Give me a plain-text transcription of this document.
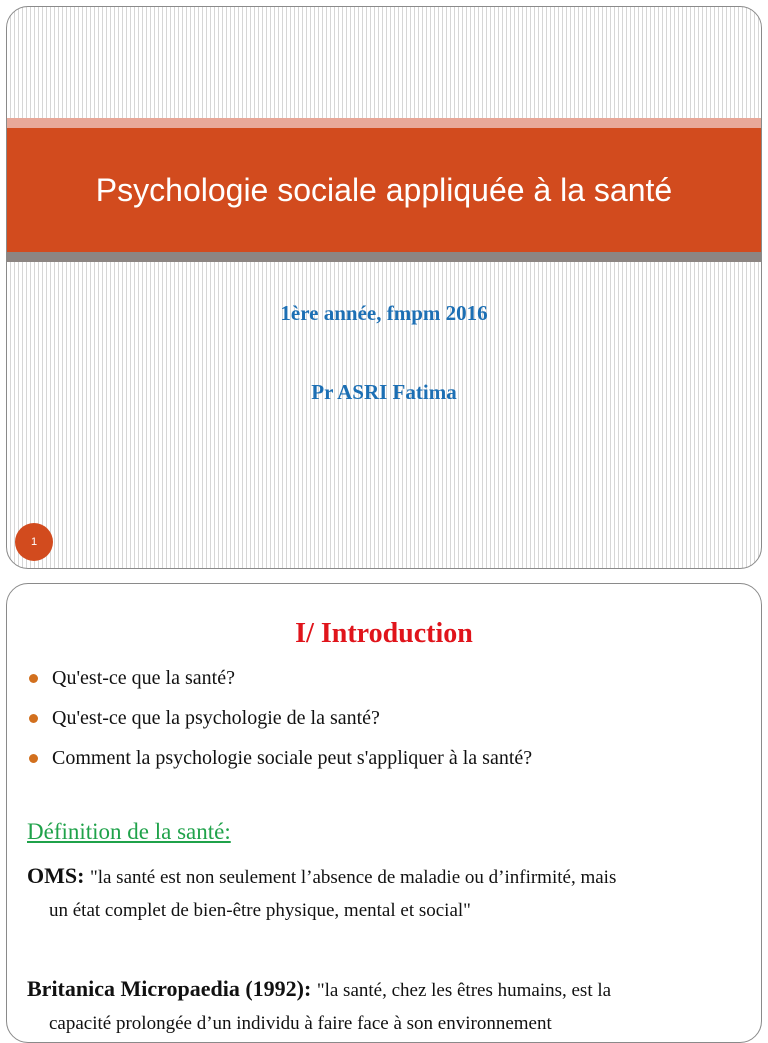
Psychologie sociale appliquée à la santé
1ère année, fmpm 2016
Pr ASRI Fatima
1
I/ Introduction
Qu'est-ce que la santé?
Qu'est-ce que la psychologie de la santé?
Comment la psychologie sociale peut s'appliquer à la santé?
Définition de la santé:
OMS: "la santé est non seulement l’absence de maladie ou d’infirmité, mais
un état complet de bien-être physique, mental et social"
Britanica Micropaedia (1992): "la santé, chez les êtres humains, est la
capacité prolongée d’un individu à faire face à son environnement
